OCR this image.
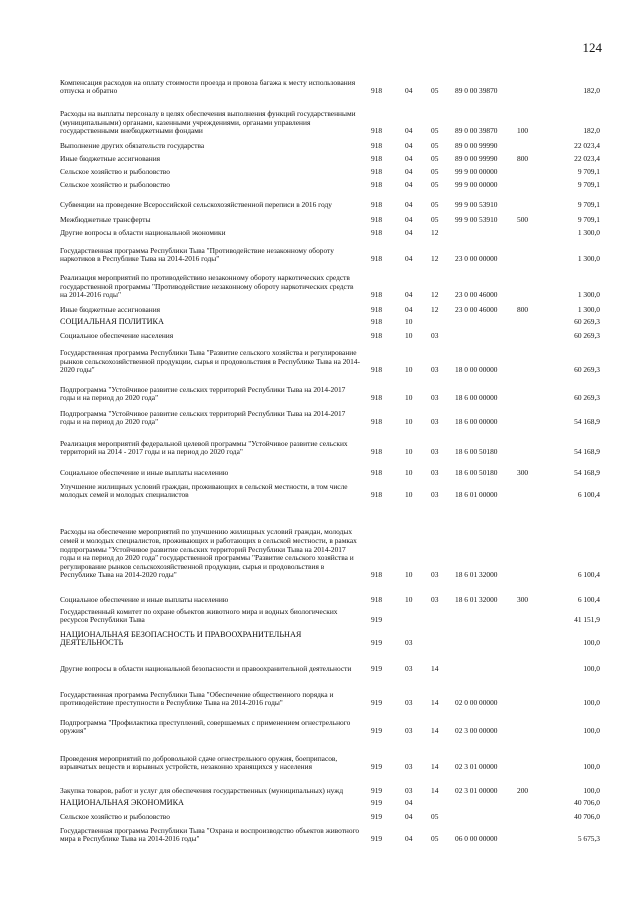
124
Компенсация расходов на оплату стоимости проезда и провоза багажа к месту использования отпуска и обратно	918	04	05 89 0 00 39870	182,0
Расходы на выплаты персоналу в целях обеспечения выполнения функций государственными (муниципальными) органами, казенными учреждениями, органами управления государственными внебюджетными фондами	918	04	05 89 0 00 39870	100	182,0
Выполнение других обязательств государства	918	04	05 89 0 00 99990	22 023,4
Иные бюджетные ассигнования	918	04	05 89 0 00 99990	800	22 023,4
Сельское хозяйство и рыболовство	918	04	05 99 9 00 00000	9 709,1
Сельское хозяйство и рыболовство	918	04	05 99 9 00 00000	9 709,1
Субвенции на проведение Всероссийской сельскохозяйственной переписи в 2016 году	918	04	05 99 9 00 53910	9 709,1
Межбюджетные трансферты	918	04	05 99 9 00 53910	500	9 709,1
Другие вопросы в области национальной экономики	918	04	12	1 300,0
Государственная программа Республики Тыва "Противодействие незаконному обороту наркотиков в Республике Тыва на 2014-2016 годы"	918	04	12 23 0 00 00000	1 300,0
Реализация мероприятий по противодействию незаконному обороту наркотических средств государственной программы "Противодействие незаконному обороту наркотических средств на 2014-2016 годы"	918	04	12 23 0 00 46000	1 300,0
Иные бюджетные ассигнования	918	04	12 23 0 00 46000	800	1 300,0
СОЦИАЛЬНАЯ ПОЛИТИКА	918	10	60 269,3
Социальное обеспечение населения	918	10	03	60 269,3
Государственная программа Республики Тыва "Развитие сельского хозяйства и регулирование рынков сельскохозяйственной продукции, сырья и продовольствия в Республике Тыва на 2014-2020 годы"	918	10	03 18 0 00 00000	60 269,3
Подпрограмма "Устойчивое развитие сельских территорий Республики Тыва на 2014-2017 годы и на период до 2020 года"	918	10	03 18 6 00 00000	60 269,3
Подпрограмма "Устойчивое развитие сельских территорий Республики Тыва на 2014-2017 годы и на период до 2020 года"	918	10	03 18 6 00 00000	54 168,9
Реализация мероприятий федеральной целевой программы "Устойчивое развитие сельских территорий на 2014 - 2017 годы и на период до 2020 года"	918	10	03 18 6 00 50180	54 168,9
Социальное обеспечение и иные выплаты населению	918	10	03 18 6 00 50180	300	54 168,9
Улучшение жилищных условий граждан, проживающих в сельской местности, в том числе молодых семей и молодых специалистов	918	10	03 18 6 01 00000	6 100,4
Расходы на обеспечение мероприятий по улучшению жилищных условий граждан, молодых семей и молодых специалистов, проживающих и работающих в сельской местности, в рамках подпрограммы "Устойчивое развитие сельских территорий Республики Тыва на 2014-2017 годы и на период до 2020 года" государственной программы "Развитие сельского хозяйства и регулирование рынков сельскохозяйственной продукции, сырья и продовольствия в Республике Тыва на 2014-2020 годы"	918	10	03 18 6 01 32000	6 100,4
Социальное обеспечение и иные выплаты населению	918	10	03 18 6 01 32000	300	6 100,4
Государственный комитет по охране объектов животного мира и водных биологических ресурсов Республики Тыва	919	41 151,9
НАЦИОНАЛЬНАЯ БЕЗОПАСНОСТЬ И ПРАВООХРАНИТЕЛЬНАЯ ДЕЯТЕЛЬНОСТЬ	919	03	100,0
Другие вопросы в области национальной безопасности и правоохранительной деятельности	919	03	14	100,0
Государственная программа Республики Тыва "Обеспечение общественного порядка и противодействие преступности в Республике Тыва на 2014-2016 годы"	919	03	14 02 0 00 00000	100,0
Подпрограмма "Профилактика преступлений, совершаемых с применением огнестрельного оружия"	919	03	14 02 3 00 00000	100,0
Проведения мероприятий по добровольной сдаче огнестрельного оружия, боеприпасов, взрывчатых веществ и взрывных устройств, незаконно хранящихся у населения	919	03	14 02 3 01 00000	100,0
Закупка товаров, работ и услуг для обеспечения государственных (муниципальных) нужд	919	03	14 02 3 01 00000	200	100,0
НАЦИОНАЛЬНАЯ ЭКОНОМИКА	919	04	40 706,0
Сельское хозяйство и рыболовство	919	04	05	40 706,0
Государственная программа Республики Тыва "Охрана и воспроизводство объектов животного мира в Республике Тыва на 2014-2016 годы"	919	04	05 06 0 00 00000	5 675,3
